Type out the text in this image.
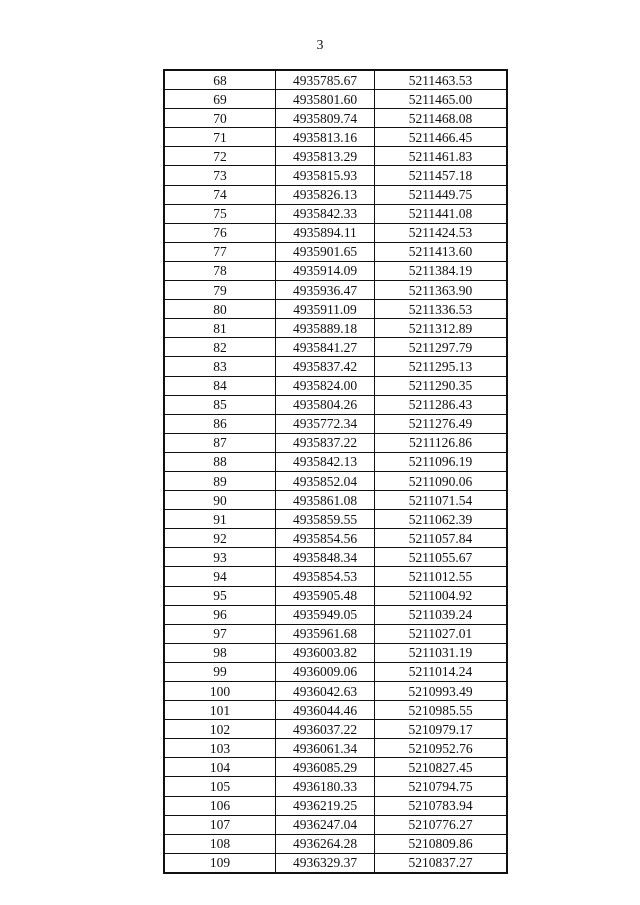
3
68	4935785.67	5211463.53
69	4935801.60	5211465.00
70	4935809.74	5211468.08
71	4935813.16	5211466.45
72	4935813.29	5211461.83
73	4935815.93	5211457.18
74	4935826.13	5211449.75
75	4935842.33	5211441.08
76	4935894.11	5211424.53
77	4935901.65	5211413.60
78	4935914.09	5211384.19
79	4935936.47	5211363.90
80	4935911.09	5211336.53
81	4935889.18	5211312.89
82	4935841.27	5211297.79
83	4935837.42	5211295.13
84	4935824.00	5211290.35
85	4935804.26	5211286.43
86	4935772.34	5211276.49
87	4935837.22	5211126.86
88	4935842.13	5211096.19
89	4935852.04	5211090.06
90	4935861.08	5211071.54
91	4935859.55	5211062.39
92	4935854.56	5211057.84
93	4935848.34	5211055.67
94	4935854.53	5211012.55
95	4935905.48	5211004.92
96	4935949.05	5211039.24
97	4935961.68	5211027.01
98	4936003.82	5211031.19
99	4936009.06	5211014.24
100	4936042.63	5210993.49
101	4936044.46	5210985.55
102	4936037.22	5210979.17
103	4936061.34	5210952.76
104	4936085.29	5210827.45
105	4936180.33	5210794.75
106	4936219.25	5210783.94
107	4936247.04	5210776.27
108	4936264.28	5210809.86
109	4936329.37	5210837.27
